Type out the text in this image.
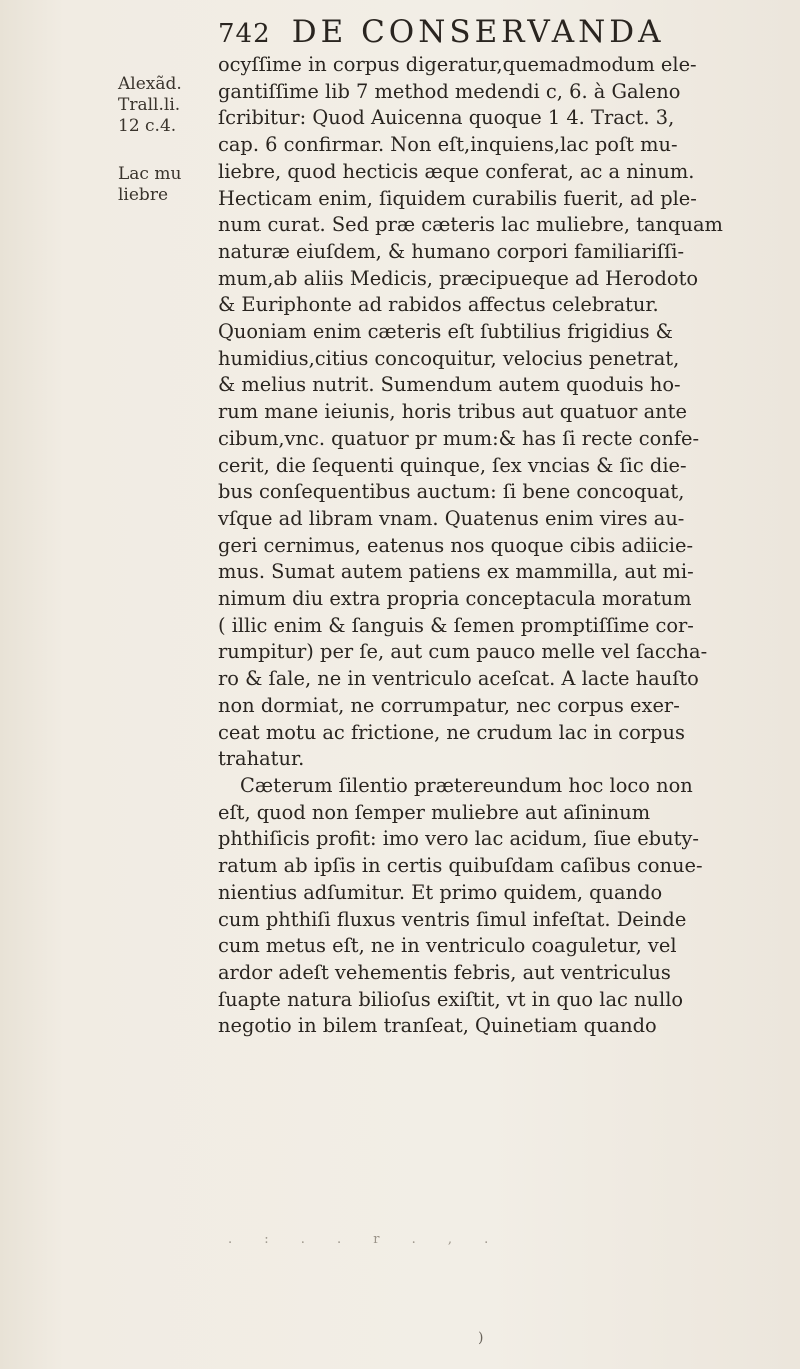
742 DE CONSERVANDA
Alexãd.
Trall.li.
12 c.4.
Lac mu
liebre
ocyſſime in corpus digeratur,quemadmodum ele-
gantiſſime lib 7 method medendi c, 6. à Galeno
ſcribitur: Quod Auicenna quoque 1 4. Tract. 3,
cap. 6 confirmar. Non eſt,inquiens,lac poſt mu-
liebre, quod hecticis æque conferat, ac a ninum.
Hecticam enim, ſiquidem curabilis fuerit, ad ple-
num curat. Sed præ cæteris lac muliebre, tanquam
naturæ eiuſdem, & humano corpori familiariſſi-
mum,ab aliis Medicis, præcipueque ad Herodoto
& Euriphonte ad rabidos affectus celebratur.
Quoniam enim cæteris eſt ſubtilius frigidius &
humidius,citius concoquitur, velocius penetrat,
& melius nutrit. Sumendum autem quoduis ho-
rum mane ieiunis, horis tribus aut quatuor ante
cibum,vnc. quatuor pr mum:& has ſi recte confe-
cerit, die ſequenti quinque, ſex vncias & ſic die-
bus conſequentibus auctum: ſi bene concoquat,
vſque ad libram vnam. Quatenus enim vires au-
geri cernimus, eatenus nos quoque cibis adiicie-
mus. Sumat autem patiens ex mammilla, aut mi-
nimum diu extra propria conceptacula moratum
( illic enim & ſanguis & ſemen promptiſſime cor-
rumpitur) per ſe, aut cum pauco melle vel ſaccha-
ro & ſale, ne in ventriculo aceſcat. A lacte hauſto
non dormiat, ne corrumpatur, nec corpus exer-
ceat motu ac frictione, ne crudum lac in corpus
trahatur.
Cæterum ſilentio prætereundum hoc loco non
eſt, quod non ſemper muliebre aut aſininum
phthiſicis profit: imo vero lac acidum, ſiue ebuty-
ratum ab ipſis in certis quibuſdam caſibus conue-
nientius adſumitur. Et primo quidem, quando
cum phthiſi fluxus ventris ſimul infeſtat. Deinde
cum metus eſt, ne in ventriculo coaguletur, vel
ardor adeſt vehementis febris, aut ventriculus
ſuapte natura bilioſus exiſtit, vt in quo lac nullo
negotio in bilem tranſeat, Quinetiam quando
. : . . r . , .
)
